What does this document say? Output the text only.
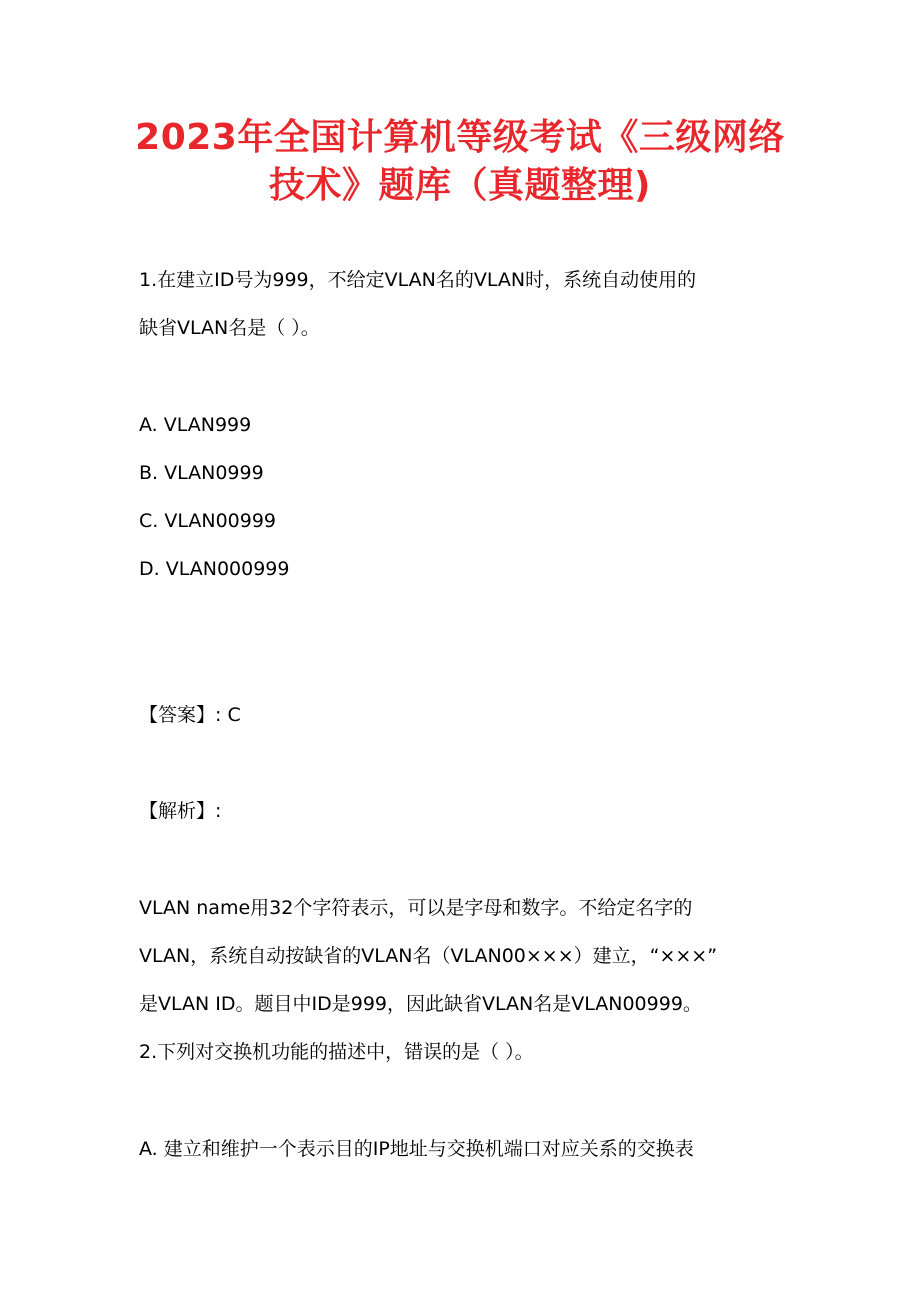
2023年全国计算机等级考试《三级网络
技术》题库（真题整理)
1.在建立ID号为999，不给定VLAN名的VLAN时，系统自动使用的
缺省VLAN名是（ ）。
A. VLAN999
B. VLAN0999
C. VLAN00999
D. VLAN000999
【答案】: C
【解析】:
VLAN name用32个字符表示，可以是字母和数字。不给定名字的
VLAN，系统自动按缺省的VLAN名（VLAN00×××）建立，“×××”
是VLAN ID。题目中ID是999，因此缺省VLAN名是VLAN00999。
2.下列对交换机功能的描述中，错误的是（ ）。
A. 建立和维护一个表示目的IP地址与交换机端口对应关系的交换表
